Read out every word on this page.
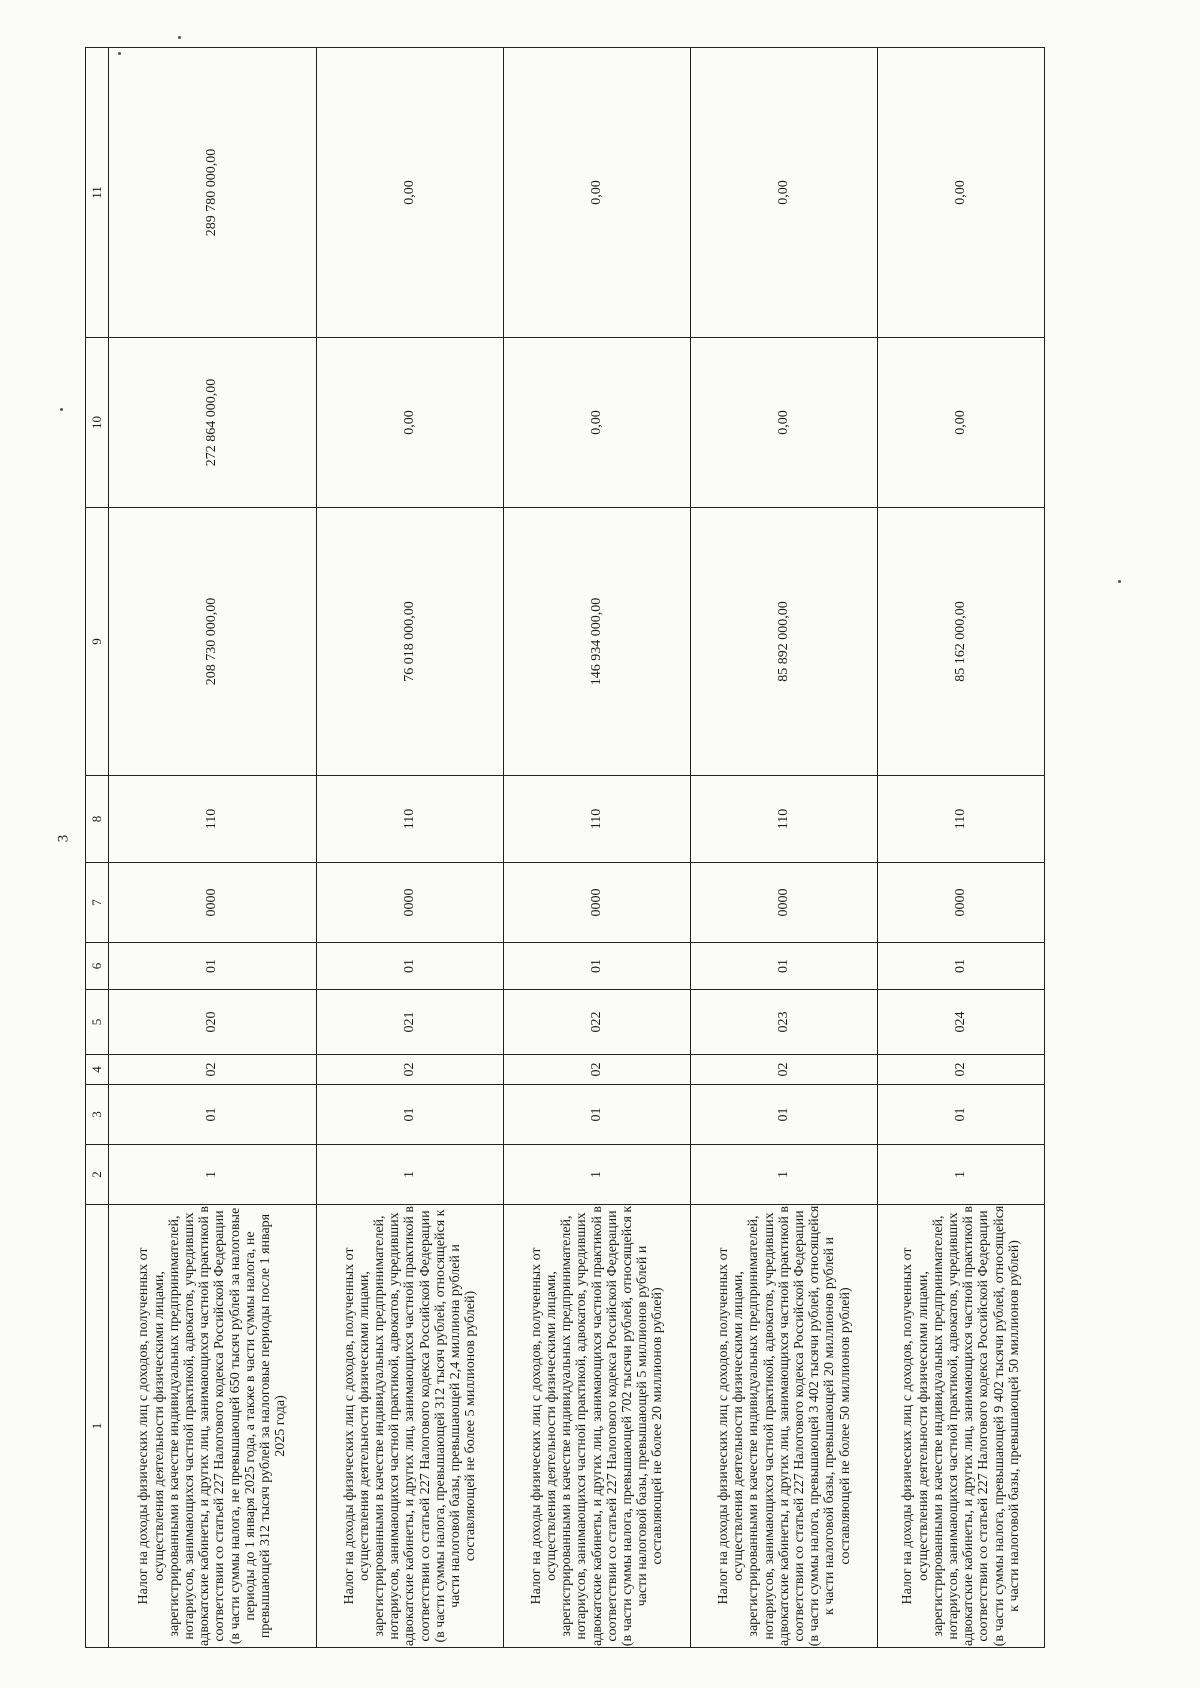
3
1	2	3	4	5	6	7	8	9	10	11
Налог на доходы физических лиц с доходов, полученных от осуществления деятельности физическими лицами, зарегистрированными в качестве индивидуальных предпринимателей, нотариусов, занимающихся частной практикой, адвокатов, учредивших адвокатские кабинеты, и других лиц, занимающихся частной практикой в соответствии со статьей 227 Налогового кодекса Российской Федерации (в части суммы налога, не превышающей 650 тысяч рублей за налоговые периоды до 1 января 2025 года, а также в части суммы налога, не превышающей 312 тысяч рублей за налоговые периоды после 1 января 2025 года)	1	01	02	020	01	0000	110	208 730 000,00	272 864 000,00	289 780 000,00
Налог на доходы физических лиц с доходов, полученных от осуществления деятельности физическими лицами, зарегистрированными в качестве индивидуальных предпринимателей, нотариусов, занимающихся частной практикой, адвокатов, учредивших адвокатские кабинеты, и других лиц, занимающихся частной практикой в соответствии со статьей 227 Налогового кодекса Российской Федерации (в части суммы налога, превышающей 312 тысяч рублей, относящейся к части налоговой базы, превышающей 2,4 миллиона рублей и составляющей не более 5 миллионов рублей)	1	01	02	021	01	0000	110	76 018 000,00	0,00	0,00
Налог на доходы физических лиц с доходов, полученных от осуществления деятельности физическими лицами, зарегистрированными в качестве индивидуальных предпринимателей, нотариусов, занимающихся частной практикой, адвокатов, учредивших адвокатские кабинеты, и других лиц, занимающихся частной практикой в соответствии со статьей 227 Налогового кодекса Российской Федерации (в части суммы налога, превышающей 702 тысячи рублей, относящейся к части налоговой базы, превышающей 5 миллионов рублей и составляющей не более 20 миллионов рублей)	1	01	02	022	01	0000	110	146 934 000,00	0,00	0,00
Налог на доходы физических лиц с доходов, полученных от осуществления деятельности физическими лицами, зарегистрированными в качестве индивидуальных предпринимателей, нотариусов, занимающихся частной практикой, адвокатов, учредивших адвокатские кабинеты, и других лиц, занимающихся частной практикой в соответствии со статьей 227 Налогового кодекса Российской Федерации (в части суммы налога, превышающей 3 402 тысячи рублей, относящейся к части налоговой базы, превышающей 20 миллионов рублей и составляющей не более 50 миллионов рублей)	1	01	02	023	01	0000	110	85 892 000,00	0,00	0,00
Налог на доходы физических лиц с доходов, полученных от осуществления деятельности физическими лицами, зарегистрированными в качестве индивидуальных предпринимателей, нотариусов, занимающихся частной практикой, адвокатов, учредивших адвокатские кабинеты, и других лиц, занимающихся частной практикой в соответствии со статьей 227 Налогового кодекса Российской Федерации (в части суммы налога, превышающей 9 402 тысячи рублей, относящейся к части налоговой базы, превышающей 50 миллионов рублей)	1	01	02	024	01	0000	110	85 162 000,00	0,00	0,00
